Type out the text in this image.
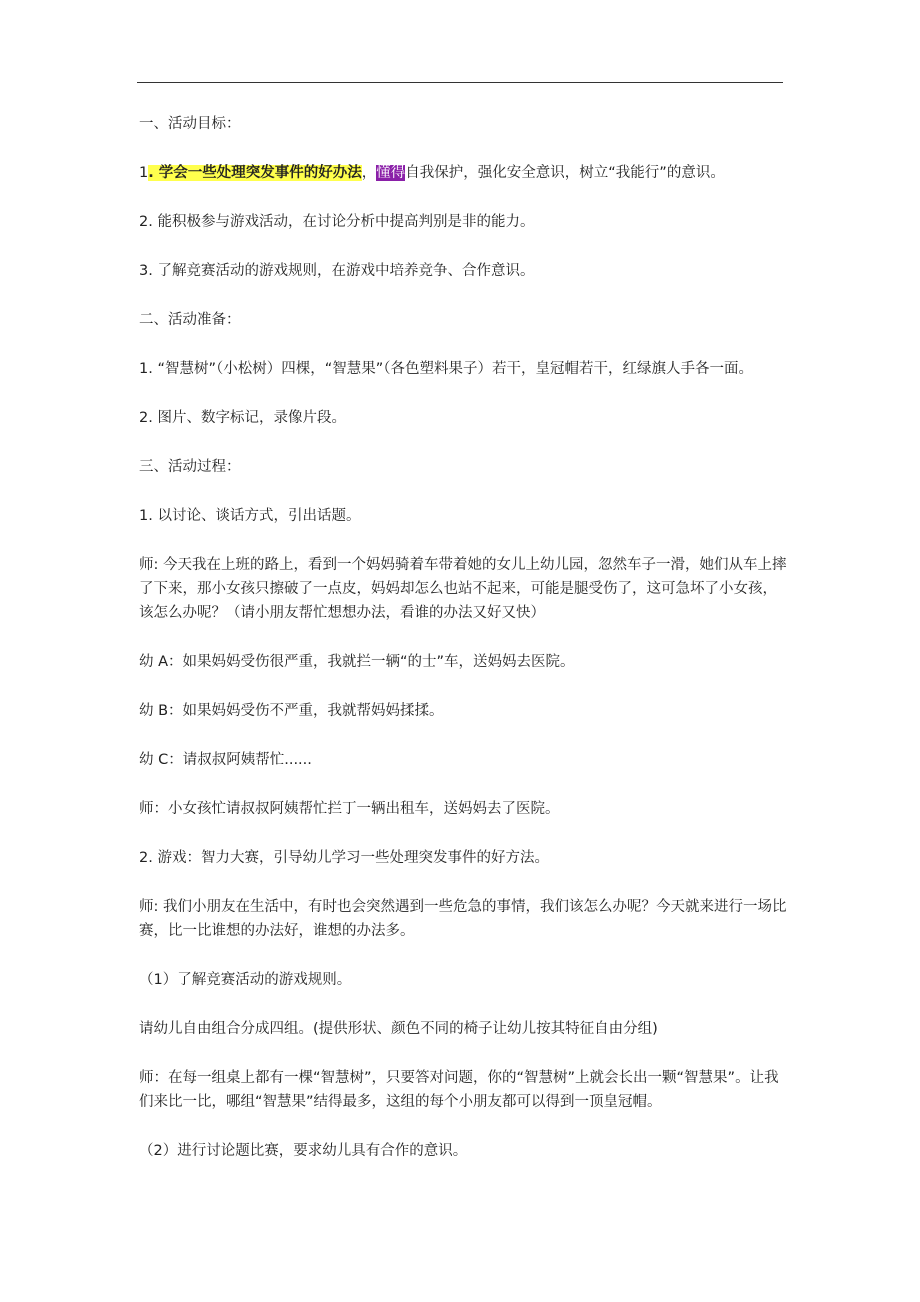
一、活动目标：

1. 学会一些处理突发事件的好办法，懂得自我保护，强化安全意识，树立“我能行”的意识。

2. 能积极参与游戏活动，在讨论分析中提高判别是非的能力。

3. 了解竞赛活动的游戏规则，在游戏中培养竞争、合作意识。

二、活动准备：

1. “智慧树”（小松树）四棵，“智慧果”（各色塑料果子）若干，皇冠帽若干，红绿旗人手各一面。

2. 图片、数字标记，录像片段。

三、活动过程：

1. 以讨论、谈话方式，引出话题。

师: 今天我在上班的路上，看到一个妈妈骑着车带着她的女儿上幼儿园，忽然车子一滑，她们从车上摔了下来，那小女孩只擦破了一点皮，妈妈却怎么也站不起来，可能是腿受伤了，这可急坏了小女孩，该怎么办呢？（请小朋友帮忙想想办法，看谁的办法又好又快）

幼 A：如果妈妈受伤很严重，我就拦一辆“的士”车，送妈妈去医院。

幼 B：如果妈妈受伤不严重，我就帮妈妈揉揉。

幼 C：请叔叔阿姨帮忙......

师：小女孩忙请叔叔阿姨帮忙拦丁一辆出租车，送妈妈去了医院。

2. 游戏：智力大赛，引导幼儿学习一些处理突发事件的好方法。

师: 我们小朋友在生活中，有时也会突然遇到一些危急的事情，我们该怎么办呢？今天就来进行一场比赛，比一比谁想的办法好，谁想的办法多。

（1）了解竞赛活动的游戏规则。

请幼儿自由组合分成四组。(提供形状、颜色不同的椅子让幼儿按其特征自由分组)

师：在每一组桌上都有一棵“智慧树”，只要答对问题，你的“智慧树”上就会长出一颗“智慧果”。让我们来比一比，哪组“智慧果”结得最多，这组的每个小朋友都可以得到一顶皇冠帽。

（2）进行讨论题比赛，要求幼儿具有合作的意识。
